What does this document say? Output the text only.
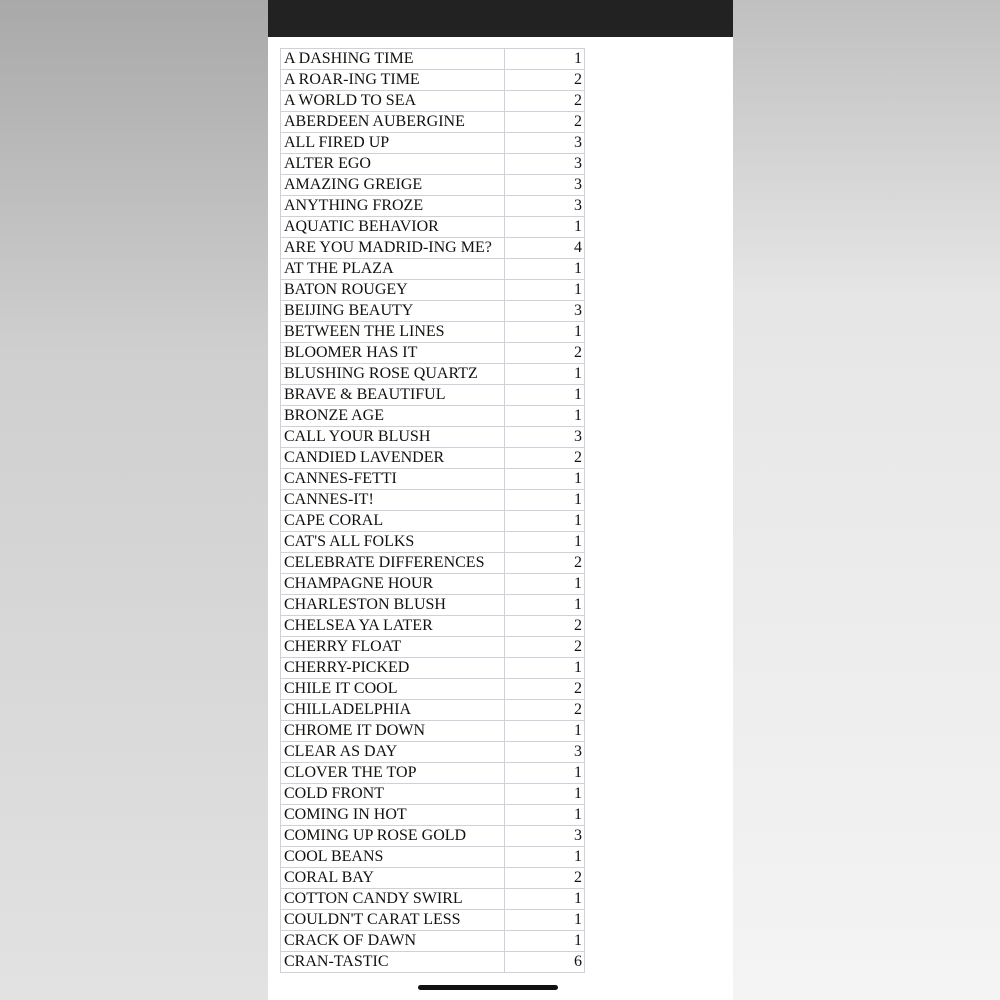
A DASHING TIME	1
A ROAR-ING TIME	2
A WORLD TO SEA	2
ABERDEEN AUBERGINE	2
ALL FIRED UP	3
ALTER EGO	3
AMAZING GREIGE	3
ANYTHING FROZE	3
AQUATIC BEHAVIOR	1
ARE YOU MADRID-ING ME?	4
AT THE PLAZA	1
BATON ROUGEY	1
BEIJING BEAUTY	3
BETWEEN THE LINES	1
BLOOMER HAS IT	2
BLUSHING ROSE QUARTZ	1
BRAVE & BEAUTIFUL	1
BRONZE AGE	1
CALL YOUR BLUSH	3
CANDIED LAVENDER	2
CANNES-FETTI	1
CANNES-IT!	1
CAPE CORAL	1
CAT'S ALL FOLKS	1
CELEBRATE DIFFERENCES	2
CHAMPAGNE HOUR	1
CHARLESTON BLUSH	1
CHELSEA YA LATER	2
CHERRY FLOAT	2
CHERRY-PICKED	1
CHILE IT COOL	2
CHILLADELPHIA	2
CHROME IT DOWN	1
CLEAR AS DAY	3
CLOVER THE TOP	1
COLD FRONT	1
COMING IN HOT	1
COMING UP ROSE GOLD	3
COOL BEANS	1
CORAL BAY	2
COTTON CANDY SWIRL	1
COULDN'T CARAT LESS	1
CRACK OF DAWN	1
CRAN-TASTIC	6
